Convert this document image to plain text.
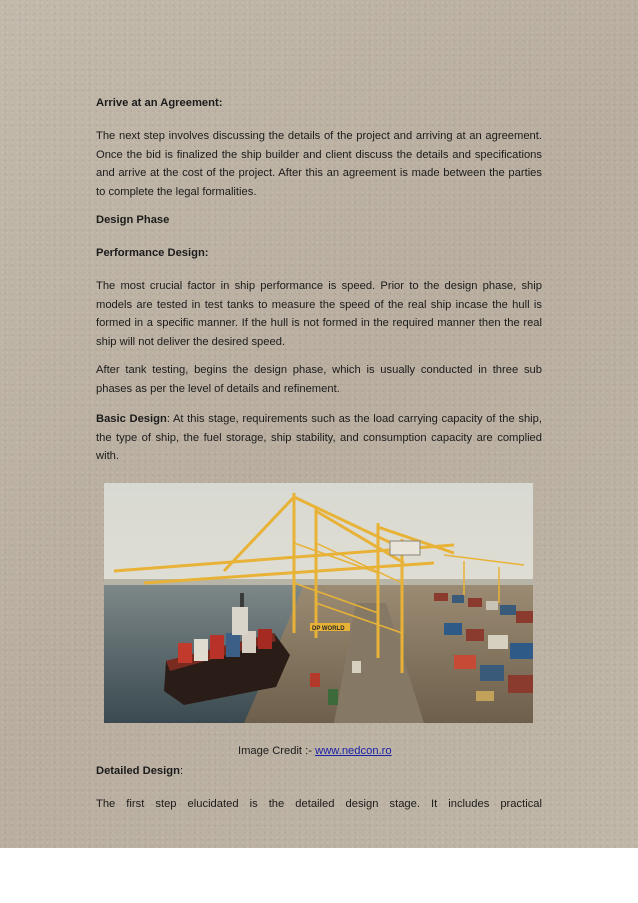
Arrive at an Agreement:

The next step involves discussing the details of the project and arriving at an agreement. Once the bid is finalized the ship builder and client discuss the details and specifications and arrive at the cost of the project. After this an agreement is made between the parties to complete the legal formalities.

Design Phase

Performance Design:

The most crucial factor in ship performance is speed. Prior to the design phase, ship models are tested in test tanks to measure the speed of the real ship incase the hull is formed in a specific manner. If the hull is not formed in the required manner then the real ship will not deliver the desired speed.

After tank testing, begins the design phase, which is usually conducted in three sub phases as per the level of details and refinement.

Basic Design: At this stage, requirements such as the load carrying capacity of the ship, the type of ship, the fuel storage, ship stability, and consumption capacity are complied with.

DP WORLD
Image Credit :- www.nedcon.ro

Detailed Design:

The first step elucidated is the detailed design stage. It includes practical
